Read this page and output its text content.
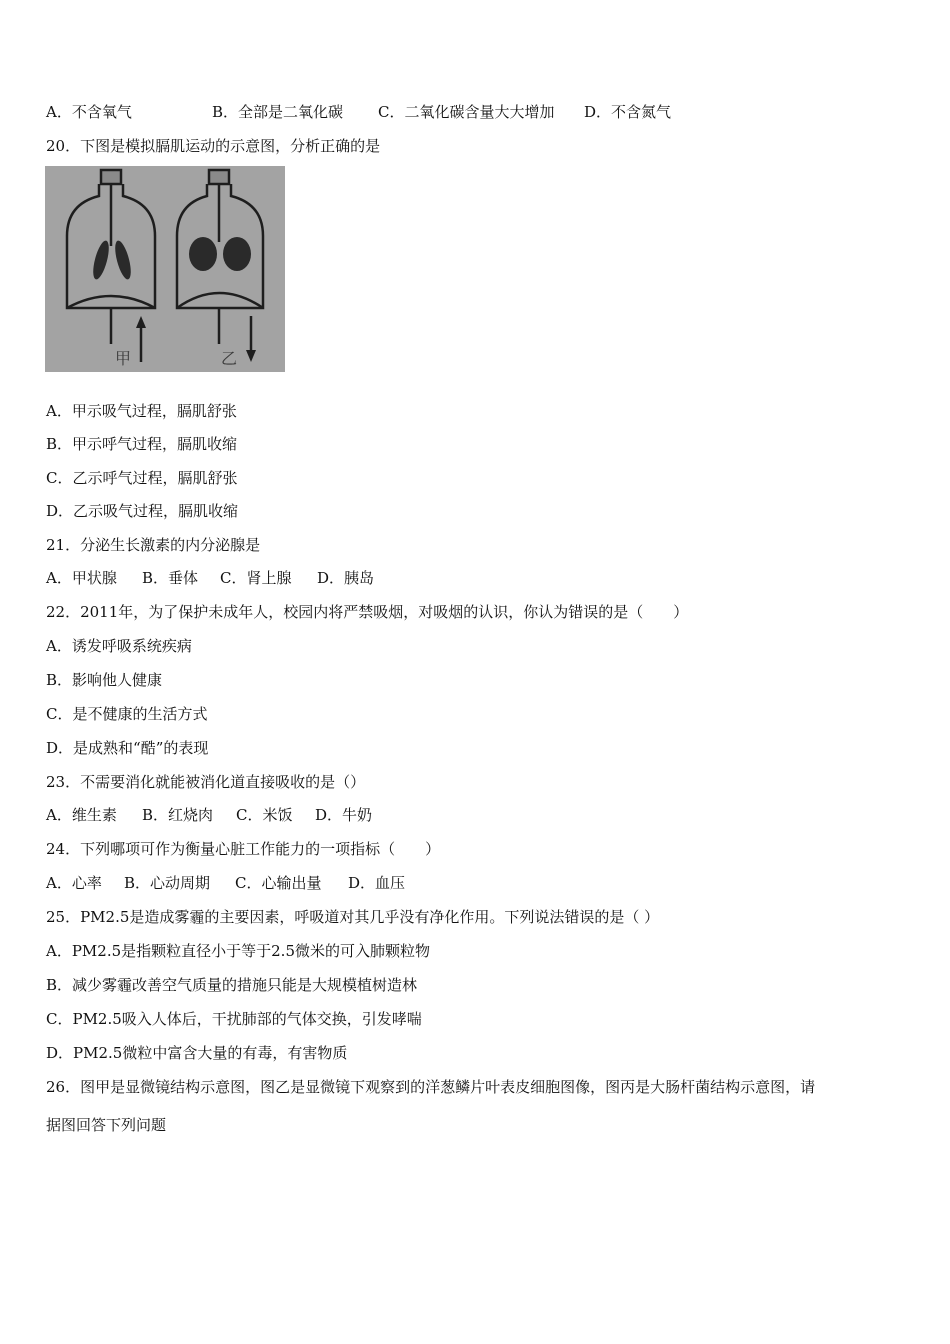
A．不含氧气	B．全部是二氧化碳 C．二氧化碳含量大大增加 D．不含氮气
20．下图是模拟膈肌运动的示意图，分析正确的是
甲	乙
A．甲示吸气过程，膈肌舒张
B．甲示呼气过程，膈肌收缩
C．乙示呼气过程，膈肌舒张
D．乙示吸气过程，膈肌收缩
21．分泌生长激素的内分泌腺是
A．甲状腺 B．垂体 C．肾上腺 D．胰岛
22．2011年，为了保护未成年人，校园内将严禁吸烟，对吸烟的认识，你认为错误的是（　　）
A．诱发呼吸系统疾病
B．影响他人健康
C．是不健康的生活方式
D．是成熟和“酷”的表现
23．不需要消化就能被消化道直接吸收的是（）
A．维生素 B．红烧肉 C．米饭 D．牛奶
24．下列哪项可作为衡量心脏工作能力的一项指标（　　）
A．心率 B．心动周期 C．心输出量 D．血压
25．PM2.5是造成雾霾的主要因素，呼吸道对其几乎没有净化作用。下列说法错误的是（ ）
A．PM2.5是指颗粒直径小于等于2.5微米的可入肺颗粒物
B．减少雾霾改善空气质量的措施只能是大规模植树造林
C．PM2.5吸入人体后，干扰肺部的气体交换，引发哮喘
D．PM2.5微粒中富含大量的有毒，有害物质
26．图甲是显微镜结构示意图，图乙是显微镜下观察到的洋葱鳞片叶表皮细胞图像，图丙是大肠杆菌结构示意图，请
据图回答下列问题
